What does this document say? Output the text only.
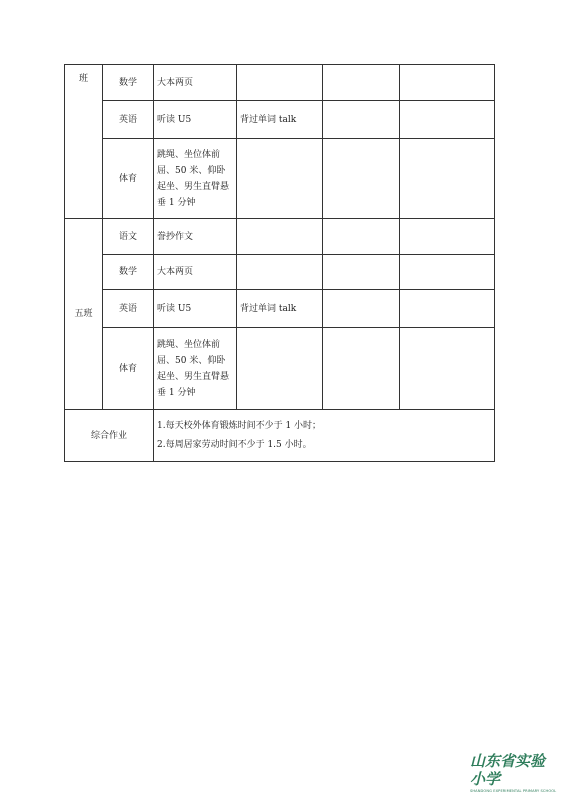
班	数学	大本两页			
	英语	听读 U5	背过单词 talk		
	体育	跳绳、坐位体前屈、50 米、仰卧起坐、男生直臂悬垂 1 分钟			
五班	语文	誊抄作文			
	数学	大本两页			
	英语	听读 U5	背过单词 talk		
	体育	跳绳、坐位体前屈、50 米、仰卧起坐、男生直臂悬垂 1 分钟			
综合作业		1.每天校外体育锻炼时间不少于 1 小时；
2.每周居家劳动时间不少于 1.5 小时。			
山东省实验小学
SHANDONG EXPERIMENTAL PRIMARY SCHOOL
